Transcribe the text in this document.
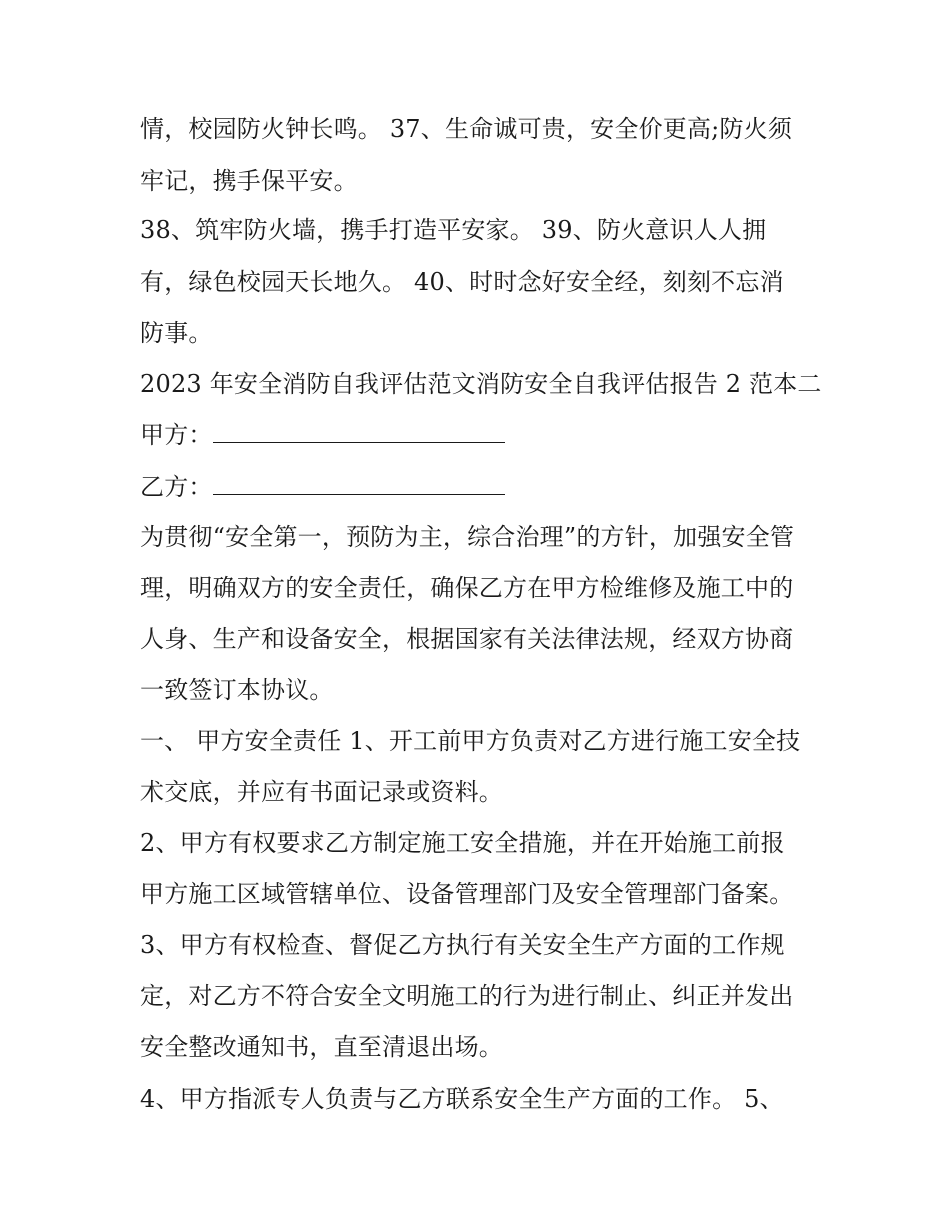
情，校园防火钟长鸣。 37、生命诚可贵，安全价更高;防火须
牢记，携手保平安。
38、筑牢防火墙，携手打造平安家。 39、防火意识人人拥
有，绿色校园天长地久。 40、时时念好安全经，刻刻不忘消
防事。
2023 年安全消防自我评估范文消防安全自我评估报告 2 范本二
甲方：
乙方：
为贯彻“安全第一，预防为主，综合治理”的方针，加强安全管
理，明确双方的安全责任，确保乙方在甲方检维修及施工中的
人身、生产和设备安全，根据国家有关法律法规，经双方协商
一致签订本协议。
一、 甲方安全责任 1、开工前甲方负责对乙方进行施工安全技
术交底，并应有书面记录或资料。
2、甲方有权要求乙方制定施工安全措施，并在开始施工前报
甲方施工区域管辖单位、设备管理部门及安全管理部门备案。
3、甲方有权检查、督促乙方执行有关安全生产方面的工作规
定，对乙方不符合安全文明施工的行为进行制止、纠正并发出
安全整改通知书，直至清退出场。
4、甲方指派专人负责与乙方联系安全生产方面的工作。 5、
